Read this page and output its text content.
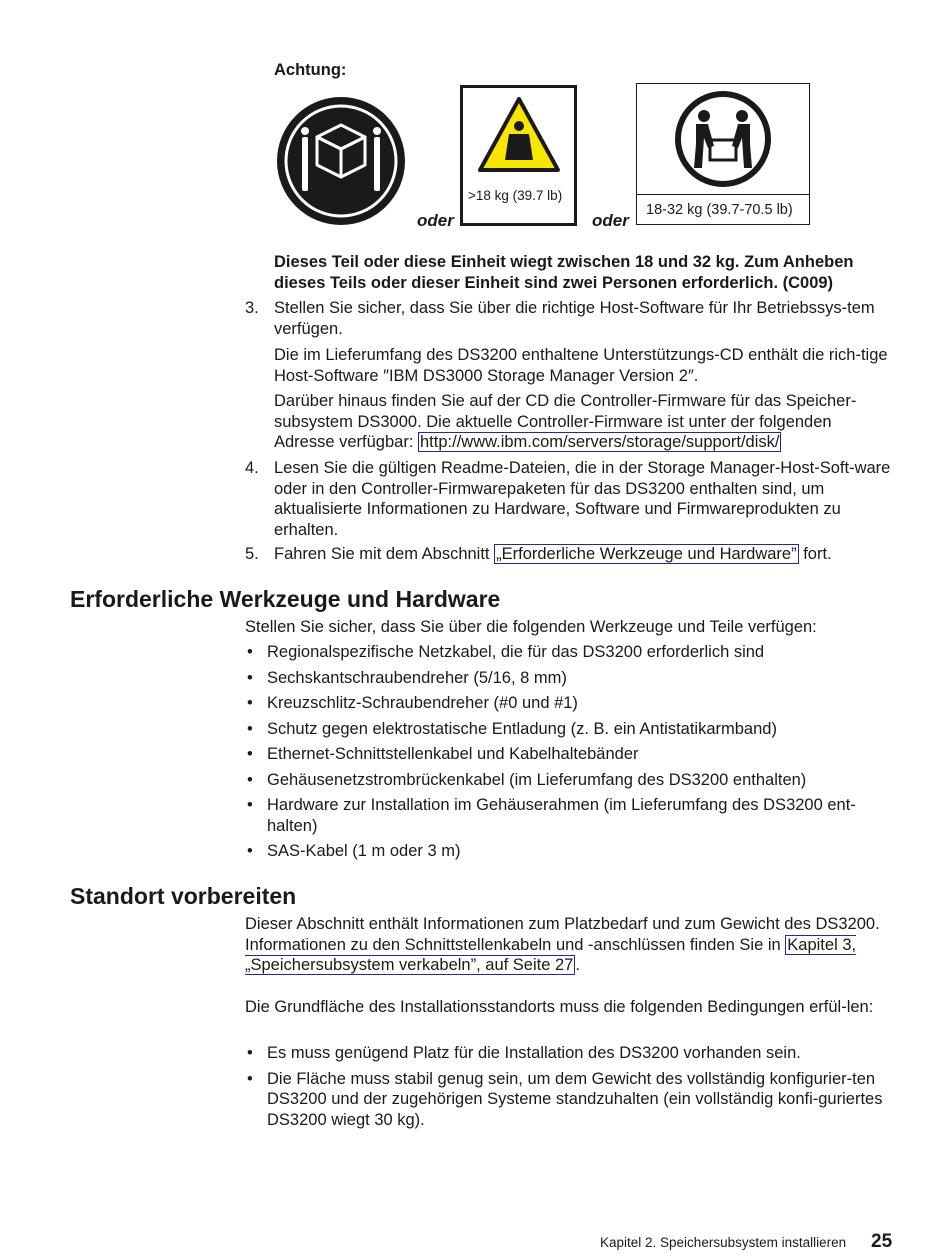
Achtung:
oder
>18 kg (39.7 lb)
oder
18-32 kg (39.7-70.5 lb)
Dieses Teil oder diese Einheit wiegt zwischen 18 und 32 kg. Zum Anheben dieses Teils oder dieser Einheit sind zwei Personen erforderlich. (C009)
3. Stellen Sie sicher, dass Sie über die richtige Host-Software für Ihr Betriebssys-tem verfügen.
Die im Lieferumfang des DS3200 enthaltene Unterstützungs-CD enthält die rich-tige Host-Software ″IBM DS3000 Storage Manager Version 2″.
Darüber hinaus finden Sie auf der CD die Controller-Firmware für das Speicher-subsystem DS3000. Die aktuelle Controller-Firmware ist unter der folgenden Adresse verfügbar: http://www.ibm.com/servers/storage/support/disk/
4. Lesen Sie die gültigen Readme-Dateien, die in der Storage Manager-Host-Soft-ware oder in den Controller-Firmwarepaketen für das DS3200 enthalten sind, um aktualisierte Informationen zu Hardware, Software und Firmwareprodukten zu erhalten.
5. Fahren Sie mit dem Abschnitt „Erforderliche Werkzeuge und Hardware” fort.
Erforderliche Werkzeuge und Hardware
Stellen Sie sicher, dass Sie über die folgenden Werkzeuge und Teile verfügen:
• Regionalspezifische Netzkabel, die für das DS3200 erforderlich sind
• Sechskantschraubendreher (5/16, 8 mm)
• Kreuzschlitz-Schraubendreher (#0 und #1)
• Schutz gegen elektrostatische Entladung (z. B. ein Antistatikarmband)
• Ethernet-Schnittstellenkabel und Kabelhaltebänder
• Gehäusenetzstrombrückenkabel (im Lieferumfang des DS3200 enthalten)
• Hardware zur Installation im Gehäuserahmen (im Lieferumfang des DS3200 ent-halten)
• SAS-Kabel (1 m oder 3 m)
Standort vorbereiten
Dieser Abschnitt enthält Informationen zum Platzbedarf und zum Gewicht des DS3200. Informationen zu den Schnittstellenkabeln und -anschlüssen finden Sie in Kapitel 3, „Speichersubsystem verkabeln”, auf Seite 27 .
Die Grundfläche des Installationsstandorts muss die folgenden Bedingungen erfül-len:
• Es muss genügend Platz für die Installation des DS3200 vorhanden sein.
• Die Fläche muss stabil genug sein, um dem Gewicht des vollständig konfigurier-ten DS3200 und der zugehörigen Systeme standzuhalten (ein vollständig konfi-guriertes DS3200 wiegt 30 kg).
Kapitel 2. Speichersubsystem installieren 25
